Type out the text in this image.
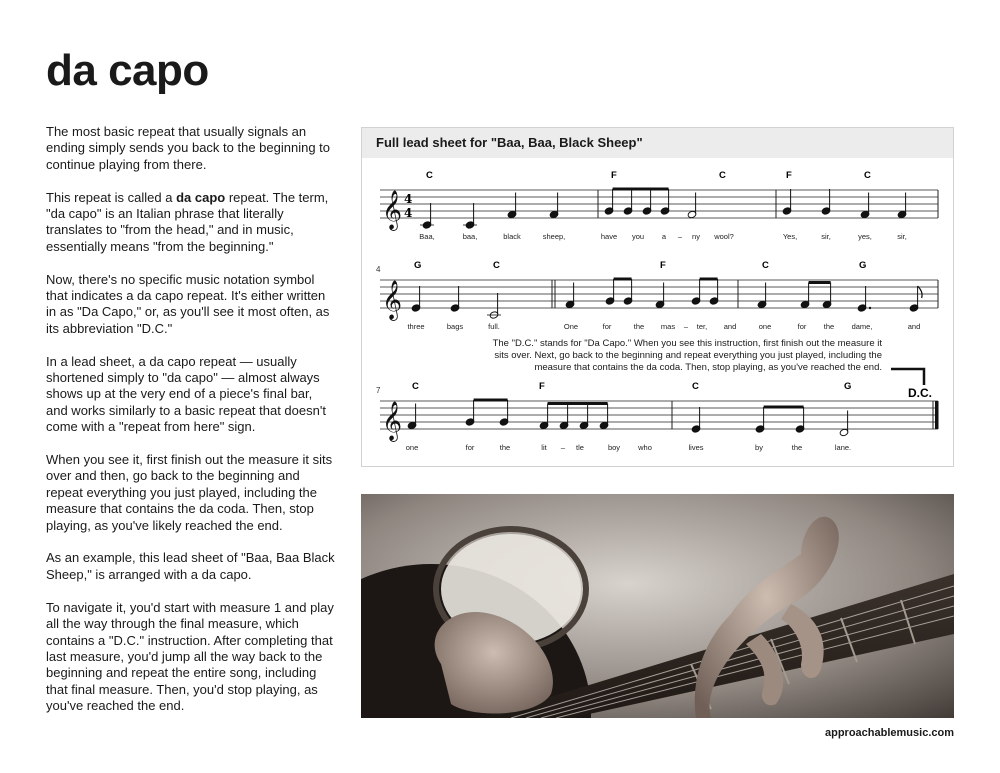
da capo

The most basic repeat that usually signals an ending simply sends you back to the beginning to continue playing from there.

This repeat is called a da capo repeat. The term, "da capo" is an Italian phrase that literally translates to "from the head," and in music, essentially means "from the beginning."

Now, there's no specific music notation symbol that indicates a da capo repeat. It's either written in as "Da Capo," or, as you'll see it most often, as its abbreviation "D.C."

In a lead sheet, a da capo repeat — usually shortened simply to "da capo" — almost always shows up at the very end of a piece's final bar, and works similarly to a basic repeat that doesn't come with a "repeat from here" sign.

When you see it, first finish out the measure it sits over and then, go back to the beginning and repeat everything you just played, including the measure that contains the da coda. Then, stop playing, as you've likely reached the end.

As an example, this lead sheet of "Baa, Baa Black Sheep," is arranged with a da capo.

To navigate it, you'd start with measure 1 and play all the way through the final measure, which contains a "D.C." instruction. After completing that last measure, you'd jump all the way back to the beginning and repeat the entire song, including that final measure. Then, you'd stop playing, as you've reached the end.

Full lead sheet for "Baa, Baa, Black Sheep"
𝄞 4
4
C	F	C	F	C
Baa,	baa,	black	sheep,	have you a – ny wool?	Yes,	sir,	yes,	sir,
𝄞
4	G	C	F	C	G
three	bags	full.	One	for	the mas – ter, and	one	for the dame,	and
𝄞
7	C	F	C	G
one	for	the	lit – tle	boy who	lives	by	the	lane.
D.C.
The "D.C." stands for "Da Capo." When you see this instruction, first finish out the measure it sits over. Next, go back to the beginning and repeat everything you just played, including the measure that contains the da coda. Then, stop playing, as you've reached the end.
approachablemusic.com
